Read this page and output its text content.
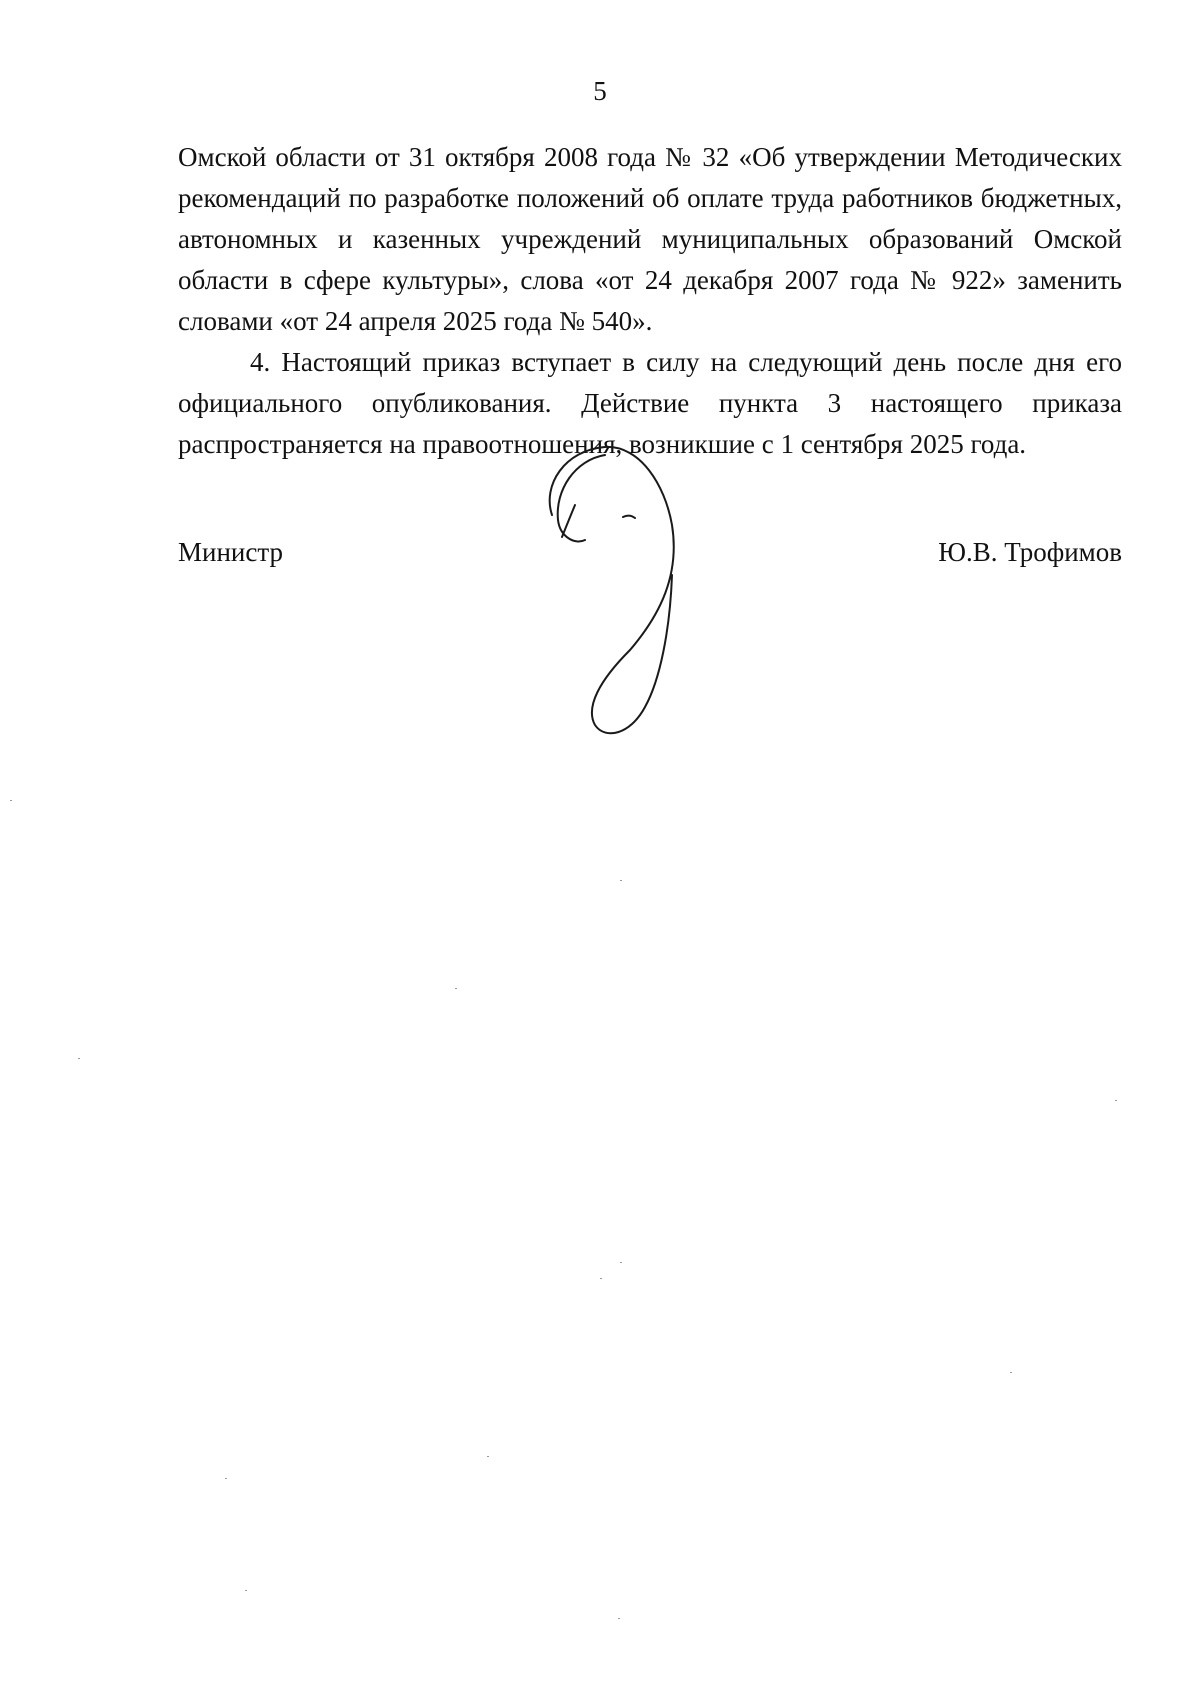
5

Омской области от 31 октября 2008 года № 32 «Об утверждении Методических рекомендаций по разработке положений об оплате труда работников бюджетных, автономных и казенных учреждений муниципальных образований Омской области в сфере культуры», слова «от 24 декабря 2007 года № 922» заменить словами «от 24 апреля 2025 года № 540».

4. Настоящий приказ вступает в силу на следующий день после дня его официального опубликования. Действие пункта 3 настоящего приказа распространяется на правоотношения, возникшие с 1 сентября 2025 года.

Министр	Ю.В. Трофимов
